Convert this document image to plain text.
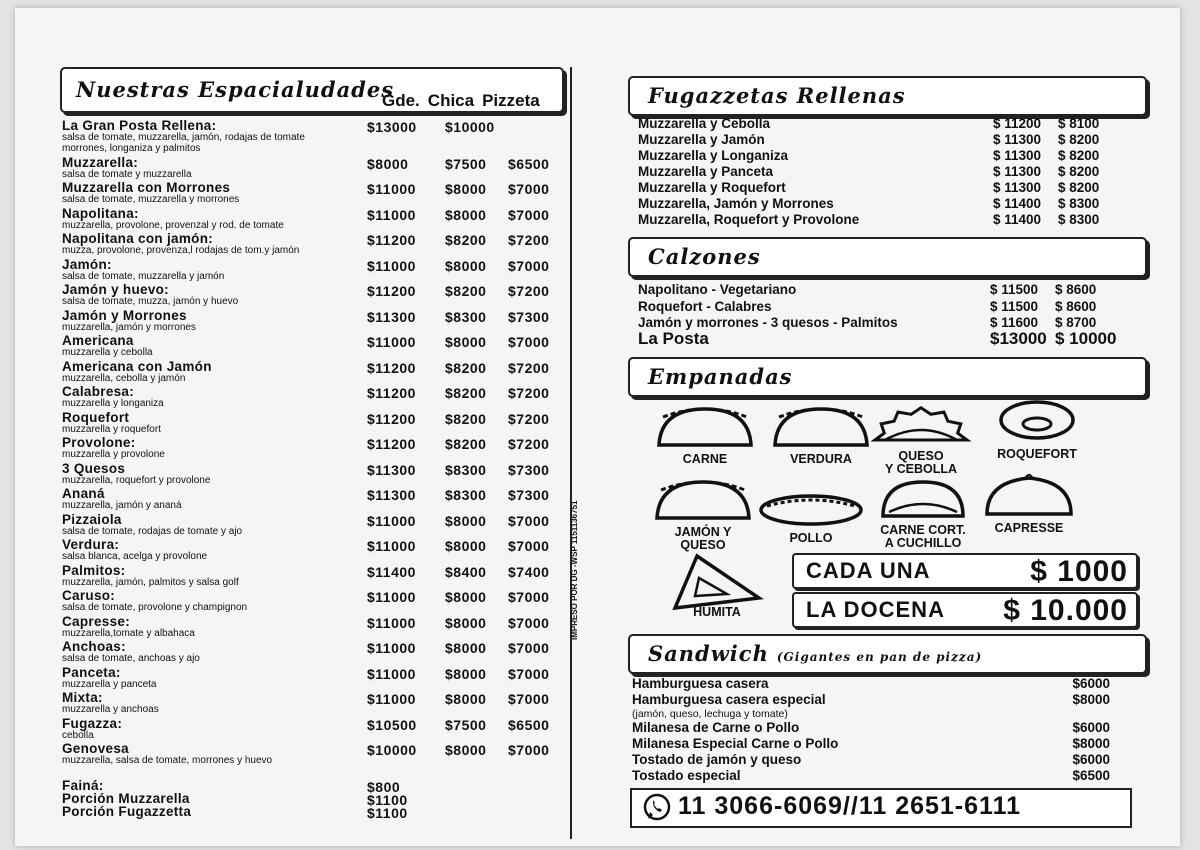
Nuestras Espacialudades
Gde. Chica Pizzeta
La Gran Posta Rellena:
salsa de tomate, muzzarella, jamón, rodajas de tomate
morrones, longaniza y palmitos
$13000 $10000
Muzzarella:
salsa de tomate y muzzarella
$8000	$7500 $6500
Muzzarella con Morrones
salsa de tomate, muzzarella y morrones
$11000 $8000 $7000
Napolitana:
muzzarella, provolone, provenzal y rod. de tomate
$11000 $8000 $7000
Napolitana con jamón:
muzza, provolone, provenza,l rodajas de tom.y jamón
$11200 $8200 $7200
Jamón:
salsa de tomate, muzzarella y jamón
$11000 $8000 $7000
Jamón y huevo:
salsa de tomate, muzza, jamón y huevo
$11200 $8200 $7200
Jamón y Morrones
muzzarella, jamón y morrones
$11300 $8300 $7300
Americana
muzzarella y cebolla
$11000 $8000 $7000
Americana con Jamón
muzzarella, cebolla y jamón
$11200 $8200 $7200
Calabresa:
muzzarella y longaniza
$11200 $8200 $7200
Roquefort
muzzarella y roquefort
$11200 $8200 $7200
Provolone:
muzzarella y provolone
$11200 $8200 $7200
3 Quesos
muzzarella, roquefort y provolone
$11300 $8300 $7300
Ananá
muzzarella, jamón y ananá
$11300 $8300 $7300
Pizzaiola
salsa de tomate, rodajas de tomate y ajo
$11000 $8000 $7000
Verdura:
salsa blanca, acelga y provolone
$11000 $8000 $7000
Palmitos:
muzzarella, jamón, palmitos y salsa golf
$11400 $8400 $7400
Caruso:
salsa de tomate, provolone y champignon
$11000 $8000 $7000
Capresse:
muzzarella,tomate y albahaca
$11000 $8000 $7000
Anchoas:
salsa de tomate, anchoas y ajo
$11000 $8000 $7000
Panceta:
muzzarella y panceta
$11000 $8000 $7000
Mixta:
muzzarella y anchoas
$11000 $8000 $7000
Fugazza:
cebolla
$10500 $7500 $6500
Genovesa
muzzarella, salsa de tomate, morrones y huevo
$10000 $8000 $7000
Fainá:	$800
Porción Muzzarella	$1100
Porción Fugazzetta	$1100
IMPRESO POR DG -WSP 1151136751
Fugazzetas Rellenas
Muzzarella y Cebolla	$ 11200 $ 8100
Muzzarella y Jamón	$ 11300 $ 8200
Muzzarella y Longaniza	$ 11300 $ 8200
Muzzarella y Panceta	$ 11300 $ 8200
Muzzarella y Roquefort	$ 11300 $ 8200
Muzzarella, Jamón y Morrones	$ 11400 $ 8300
Muzzarella, Roquefort y Provolone	$ 11400 $ 8300
Calzones
Napolitano - Vegetariano	$ 11500 $ 8600
Roquefort - Calabres	$ 11500 $ 8600
Jamón y morrones - 3 quesos - Palmitos	$ 11600 $ 8700
La Posta	$13000 $ 10000
Empanadas
CARNE	VERDURA	QUESO
Y CEBOLLA
ROQUEFORT
JAMÓN Y
QUESO	POLLO
CARNE CORT.
A CUCHILLO
CAPRESSE
HUMITA
CADA UNA	$ 1000
LA DOCENA $ 10.000
Sandwich (Gigantes en pan de pizza)
Hamburguesa casera	$6000
Hamburguesa casera especial	$8000
(jamón, queso, lechuga y tomate)
Milanesa de Carne o Pollo	$6000
Milanesa Especial Carne o Pollo	$8000
Tostado de jamón y queso	$6000
Tostado especial	$6500
11 3066-6069//11 2651-6111
